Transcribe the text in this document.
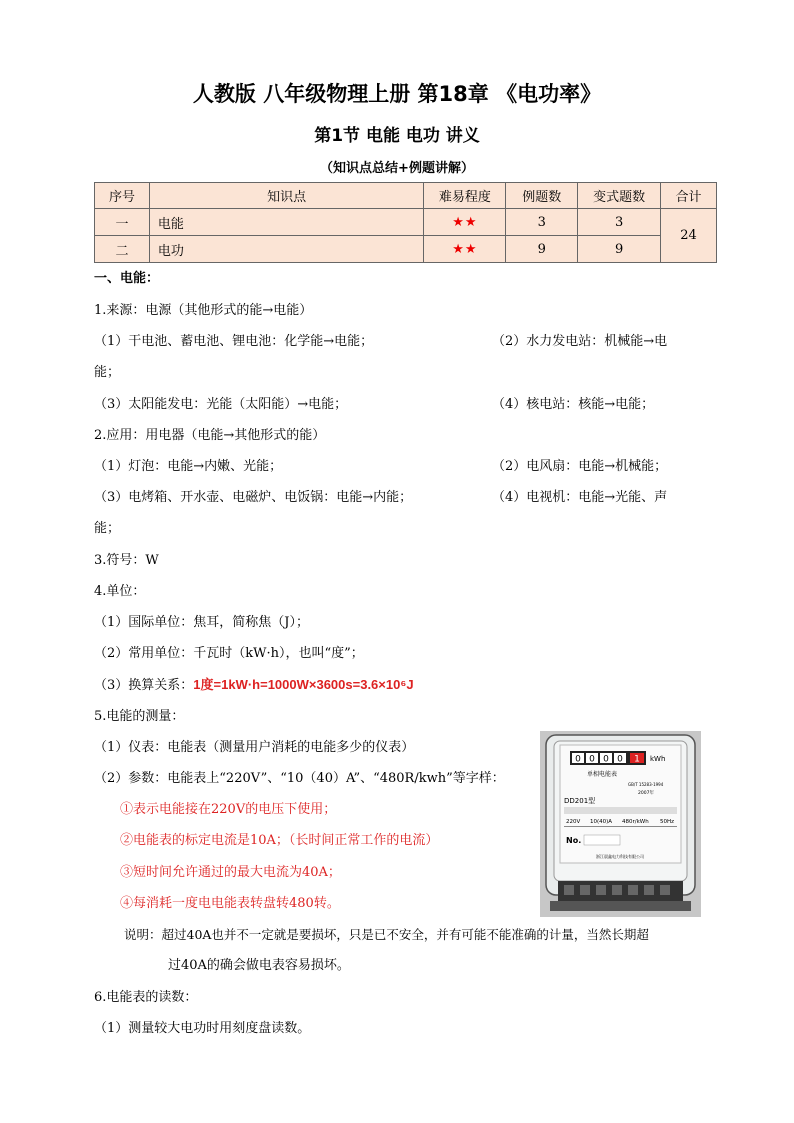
人教版 八年级物理上册 第18章 《电功率》
第1节 电能 电功 讲义
（知识点总结+例题讲解）
序号	知识点	难易程度	例题数	变式题数	合计
一	电能	★★	3	3	24
二	电功	★★	9	9	
一、电能：
1.来源：电源（其他形式的能→电能）
（1）干电池、蓄电池、锂电池：化学能→电能；	（2）水力发电站：机械能→电
能；
（3）太阳能发电：光能（太阳能）→电能；	（4）核电站：核能→电能；
2.应用：用电器（电能→其他形式的能）
（1）灯泡：电能→内嫩、光能；	（2）电风扇：电能→机械能；
（3）电烤箱、开水壶、电磁炉、电饭锅：电能→内能；	（4）电视机：电能→光能、声
能；
3.符号：W
4.单位：
（1）国际单位：焦耳，简称焦（J）；
（2）常用单位：千瓦时（kW·h），也叫“度”；
（3）换算关系：1度=1kW·h=1000W×3600s=3.6×10⁶J
5.电能的测量：
（1）仪表：电能表（测量用户消耗的电能多少的仪表）
（2）参数：电能表上“220V”、“10（40）A”、“480R/kwh”等字样：
①表示电能接在220V的电压下使用；
②电能表的标定电流是10A；（长时间正常工作的电流）
③短时间允许通过的最大电流为40A；
④每消耗一度电电能表转盘转480转。
说明：超过40A也并不一定就是要损坏，只是已不安全，并有可能不能准确的计量，当然长期超
过40A的确会做电表容易损坏。
6.电能表的读数：
（1）测量较大电功时用刻度盘读数。
0 0 0 0 1 kWh
单相电能表
GB/T 15283-1994
2007年
DD201型
220V 10(40)A 480r/kWh 50Hz
No.
浙江晨鑫电力科技有限公司
